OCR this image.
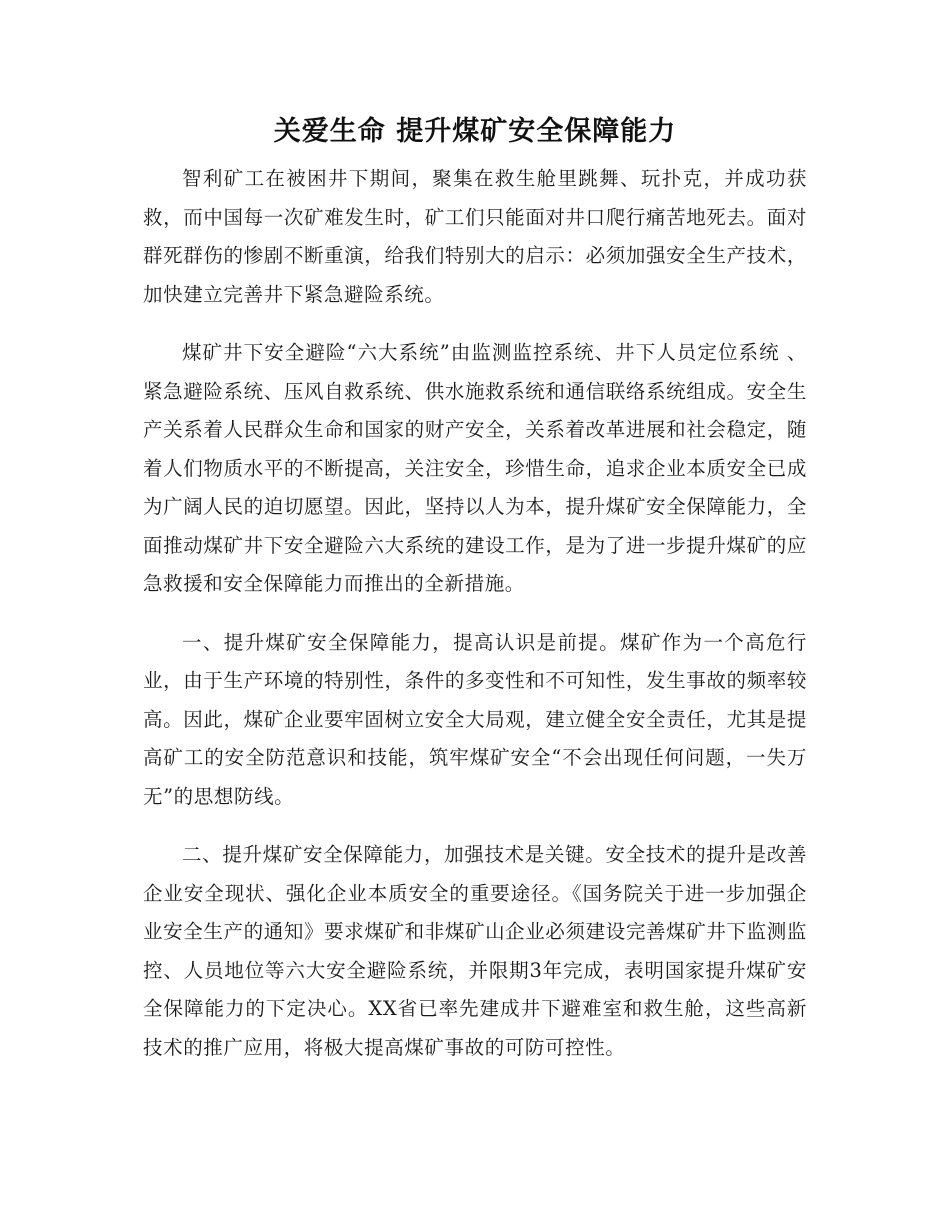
关爱生命 提升煤矿安全保障能力

智利矿工在被困井下期间，聚集在救生舱里跳舞、玩扑克，并成功获救，而中国每一次矿难发生时，矿工们只能面对井口爬行痛苦地死去。面对群死群伤的惨剧不断重演，给我们特别大的启示：必须加强安全生产技术，加快建立完善井下紧急避险系统。

煤矿井下安全避险“六大系统”由监测监控系统、井下人员定位系统 、紧急避险系统、压风自救系统、供水施救系统和通信联络系统组成。安全生产关系着人民群众生命和国家的财产安全，关系着改革进展和社会稳定，随着人们物质水平的不断提高，关注安全，珍惜生命，追求企业本质安全已成为广阔人民的迫切愿望。因此，坚持以人为本，提升煤矿安全保障能力，全面推动煤矿井下安全避险六大系统的建设工作，是为了进一步提升煤矿的应急救援和安全保障能力而推出的全新措施。

一、提升煤矿安全保障能力，提高认识是前提。煤矿作为一个高危行业，由于生产环境的特别性，条件的多变性和不可知性，发生事故的频率较高。因此，煤矿企业要牢固树立安全大局观，建立健全安全责任，尤其是提高矿工的安全防范意识和技能，筑牢煤矿安全“不会出现任何问题，一失万无”的思想防线。

二、提升煤矿安全保障能力，加强技术是关键。安全技术的提升是改善企业安全现状、强化企业本质安全的重要途径。《国务院关于进一步加强企业安全生产的通知》要求煤矿和非煤矿山企业必须建设完善煤矿井下监测监控、人员地位等六大安全避险系统，并限期3年完成，表明国家提升煤矿安全保障能力的下定决心。XX省已率先建成井下避难室和救生舱，这些高新技术的推广应用，将极大提高煤矿事故的可防可控性。
